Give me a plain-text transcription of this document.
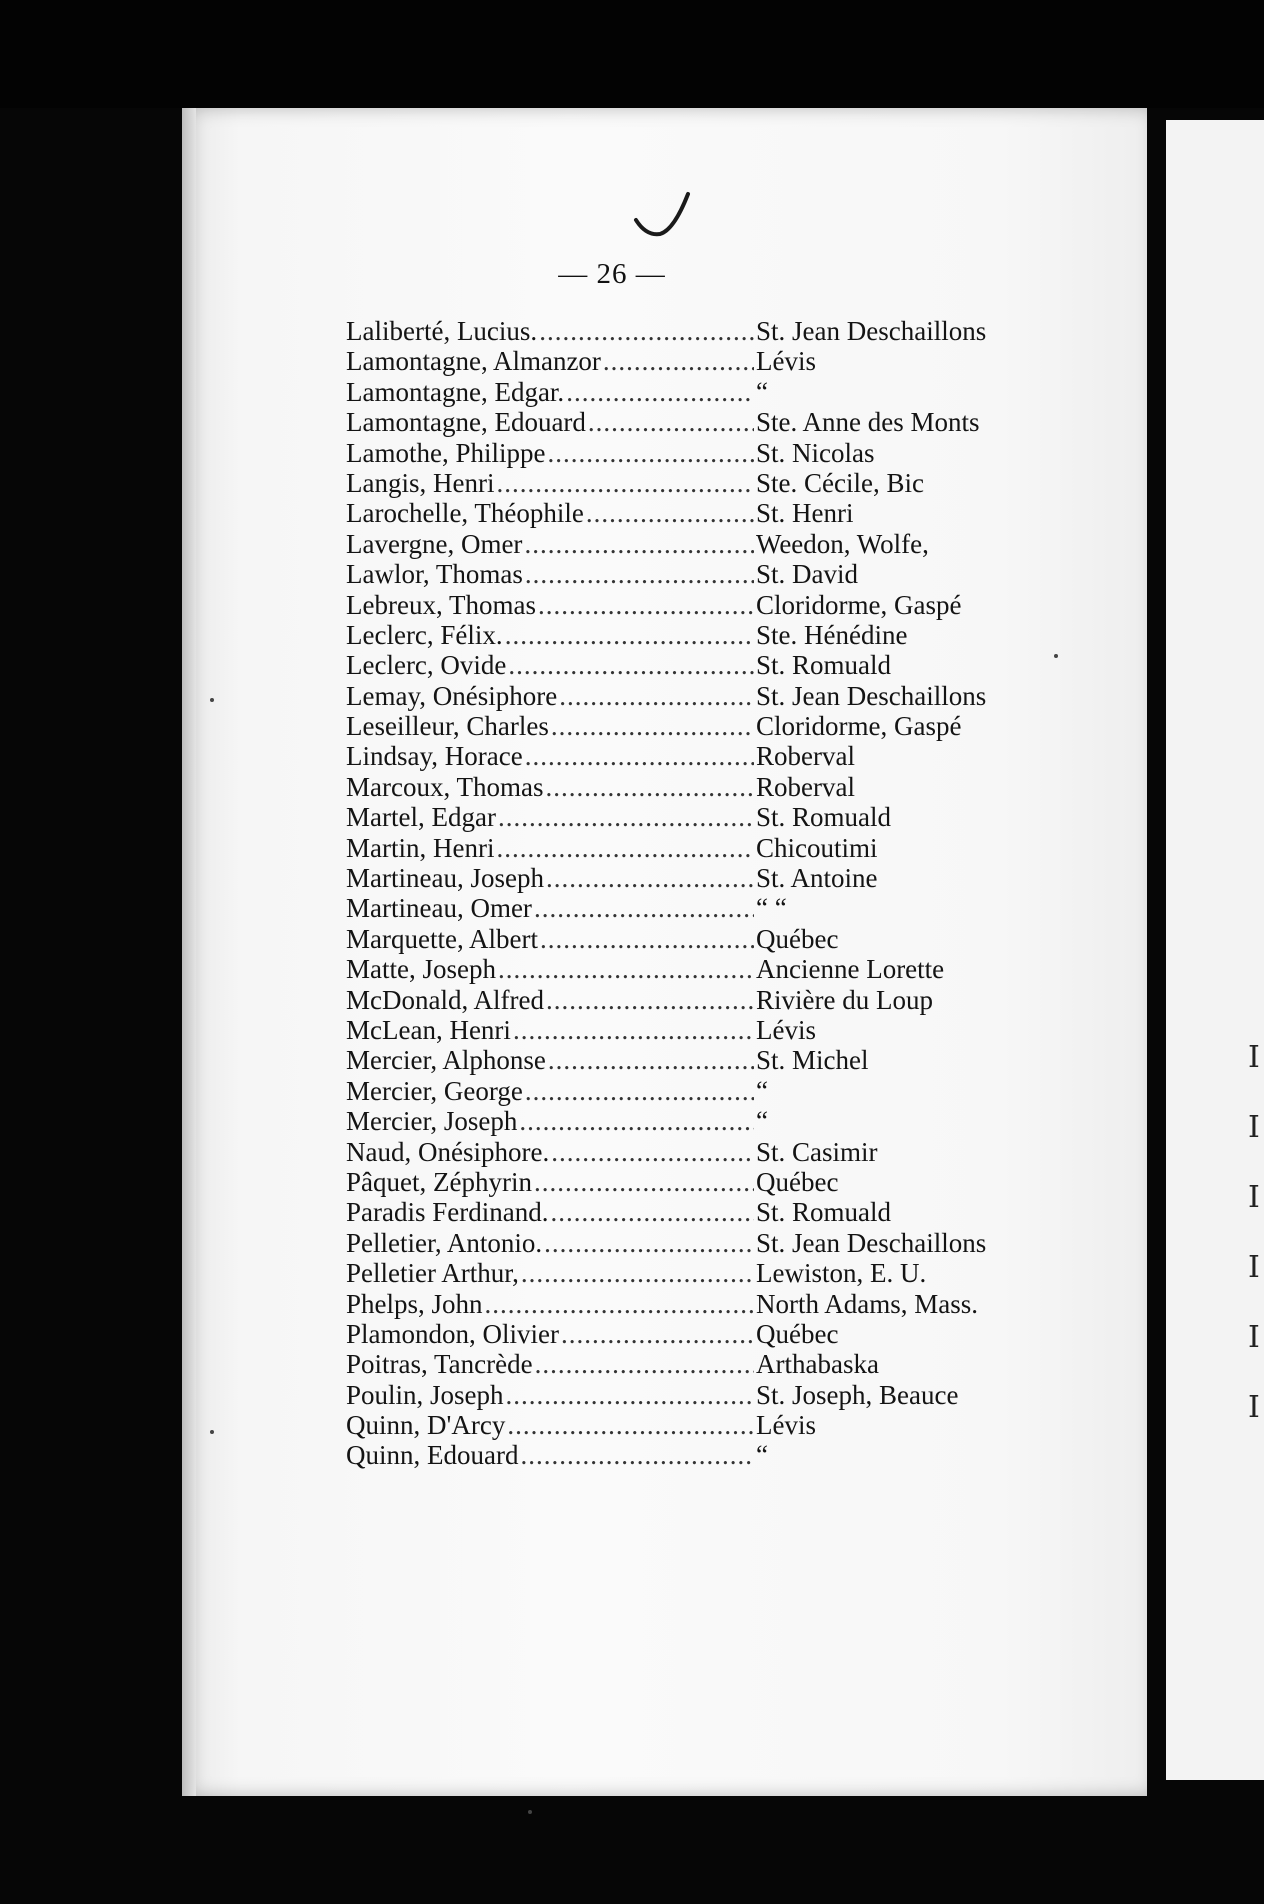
I
I
I
I
I
I
— 26 —
Laliberté, Lucius. .....	St. Jean Deschaillons
Lamontagne, Almanzor .....	Lévis
Lamontagne, Edgar. .....	“
Lamontagne, Edouard .....	Ste. Anne des Monts
Lamothe, Philippe .....	St. Nicolas
Langis, Henri .....	Ste. Cécile, Bic
Larochelle, Théophile .....	St. Henri
Lavergne, Omer .....	Weedon, Wolfe,
Lawlor, Thomas .....	St. David
Lebreux, Thomas .....	Cloridorme, Gaspé
Leclerc, Félix. .....	Ste. Hénédine
Leclerc, Ovide .....	St. Romuald
Lemay, Onésiphore .....	St. Jean Deschaillons
Leseilleur, Charles .....	Cloridorme, Gaspé
Lindsay, Horace .....	Roberval
Marcoux, Thomas .....	Roberval
Martel, Edgar .....	St. Romuald
Martin, Henri .....	Chicoutimi
Martineau, Joseph .....	St. Antoine
Martineau, Omer .....	“ “
Marquette, Albert .....	Québec
Matte, Joseph .....	Ancienne Lorette
McDonald, Alfred .....	Rivière du Loup
McLean, Henri .....	Lévis
Mercier, Alphonse .....	St. Michel
Mercier, George .....	“
Mercier, Joseph .....	“
Naud, Onésiphore. .....	St. Casimir
Pâquet, Zéphyrin .....	Québec
Paradis Ferdinand. .....	St. Romuald
Pelletier, Antonio. .....	St. Jean Deschaillons
Pelletier Arthur, .....	Lewiston, E. U.
Phelps, John .....	North Adams, Mass.
Plamondon, Olivier .....	Québec
Poitras, Tancrède .....	Arthabaska
Poulin, Joseph .....	St. Joseph, Beauce
Quinn, D'Arcy .....	Lévis
Quinn, Edouard .....	“
